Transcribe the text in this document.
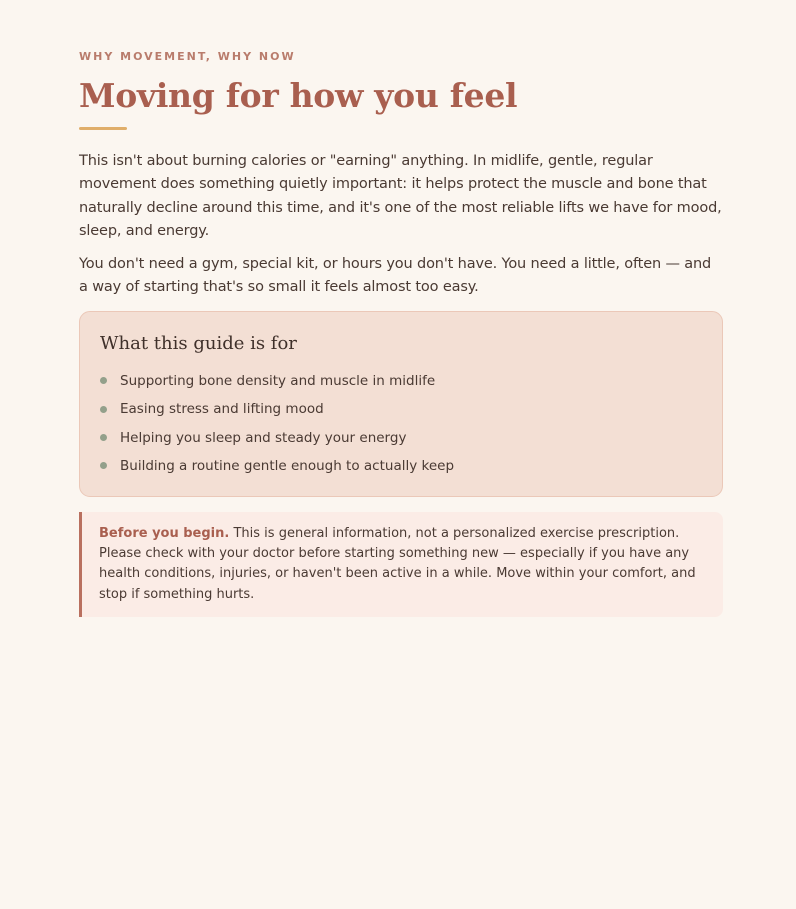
WHY MOVEMENT, WHY NOW

Moving for how you feel

This isn't about burning calories or "earning" anything. In midlife, gentle, regular movement does something quietly important: it helps protect the muscle and bone that naturally decline around this time, and it's one of the most reliable lifts we have for mood, sleep, and energy.

You don't need a gym, special kit, or hours you don't have. You need a little, often — and a way of starting that's so small it feels almost too easy.

What this guide is for
Supporting bone density and muscle in midlife
Easing stress and lifting mood
Helping you sleep and steady your energy
Building a routine gentle enough to actually keep
Before you begin. This is general information, not a personalized exercise prescription. Please check with your doctor before starting something new — especially if you have any health conditions, injuries, or haven't been active in a while. Move within your comfort, and stop if something hurts.
